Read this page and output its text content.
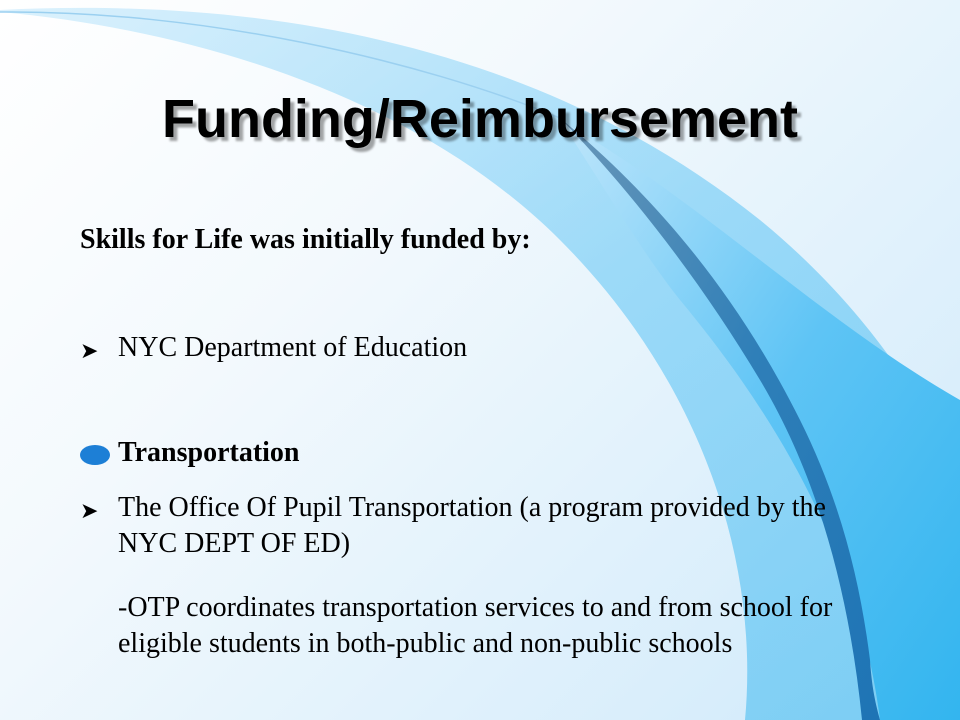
Funding/Reimbursement
Skills for Life was initially funded by:
➤ NYC Department of Education
Transportation
➤ The Office Of Pupil Transportation (a program provided by the NYC DEPT OF ED)
-OTP coordinates transportation services to and from school for eligible students in both-public and non-public schools
